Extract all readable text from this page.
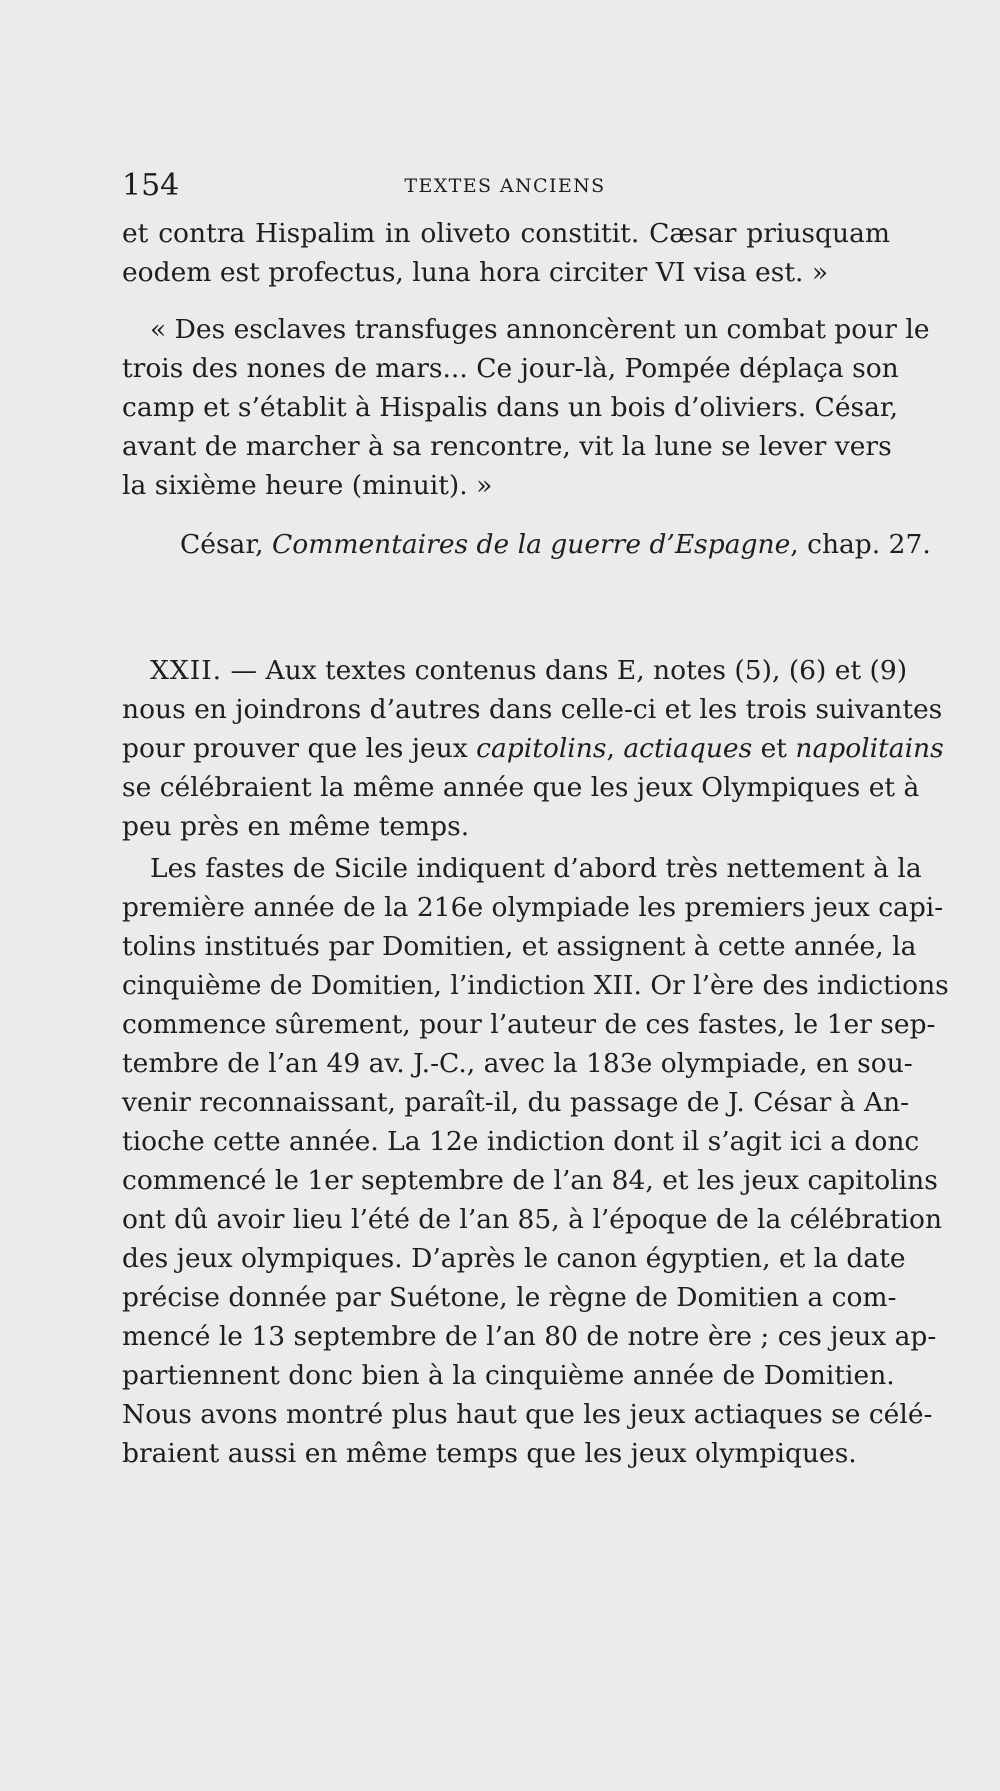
154	TEXTES ANCIENS
et contra Hispalim in oliveto constitit. Cæsar priusquam
eodem est profectus, luna hora circiter VI visa est. »
« Des esclaves transfuges annoncèrent un combat pour le
trois des nones de mars... Ce jour-là, Pompée déplaça son
camp et s’établit à Hispalis dans un bois d’oliviers. César,
avant de marcher à sa rencontre, vit la lune se lever vers
la sixième heure (minuit). »
César, Commentaires de la guerre d’Espagne, chap. 27.
XXII. — Aux textes contenus dans E, notes (5), (6) et (9)
nous en joindrons d’autres dans celle-ci et les trois suivantes
pour prouver que les jeux capitolins, actiaques et napolitains
se célébraient la même année que les jeux Olympiques et à
peu près en même temps.
Les fastes de Sicile indiquent d’abord très nettement à la
première année de la 216e olympiade les premiers jeux capi-
tolins institués par Domitien, et assignent à cette année, la
cinquième de Domitien, l’indiction XII. Or l’ère des indictions
commence sûrement, pour l’auteur de ces fastes, le 1er sep-
tembre de l’an 49 av. J.-C., avec la 183e olympiade, en sou-
venir reconnaissant, paraît-il, du passage de J. César à An-
tioche cette année. La 12e indiction dont il s’agit ici a donc
commencé le 1er septembre de l’an 84, et les jeux capitolins
ont dû avoir lieu l’été de l’an 85, à l’époque de la célébration
des jeux olympiques. D’après le canon égyptien, et la date
précise donnée par Suétone, le règne de Domitien a com-
mencé le 13 septembre de l’an 80 de notre ère ; ces jeux ap-
partiennent donc bien à la cinquième année de Domitien.
Nous avons montré plus haut que les jeux actiaques se célé-
braient aussi en même temps que les jeux olympiques.
